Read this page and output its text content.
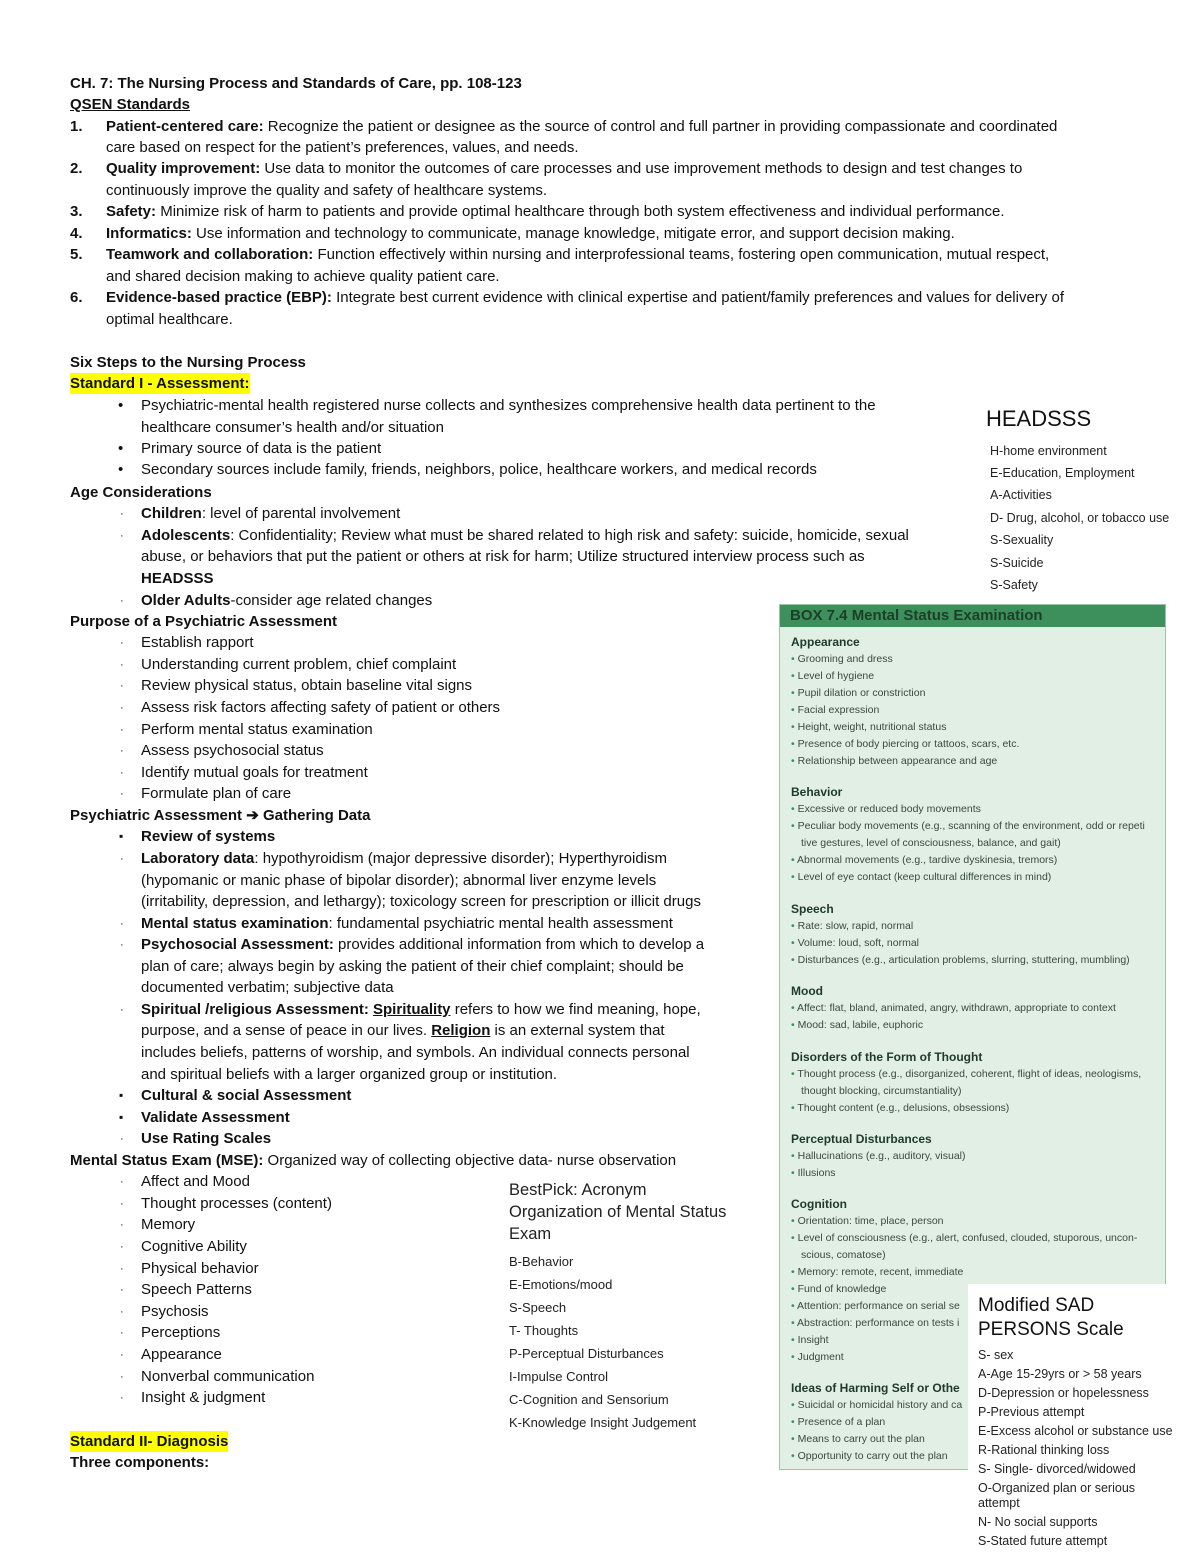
CH. 7: The Nursing Process and Standards of Care, pp. 108-123
QSEN Standards
1. Patient-centered care: Recognize the patient or designee as the source of control and full partner in providing compassionate and coordinated
care based on respect for the patient’s preferences, values, and needs.
2. Quality improvement: Use data to monitor the outcomes of care processes and use improvement methods to design and test changes to
continuously improve the quality and safety of healthcare systems.
3. Safety: Minimize risk of harm to patients and provide optimal healthcare through both system effectiveness and individual performance.
4. Informatics: Use information and technology to communicate, manage knowledge, mitigate error, and support decision making.
5. Teamwork and collaboration: Function effectively within nursing and interprofessional teams, fostering open communication, mutual respect,
and shared decision making to achieve quality patient care.
6. Evidence-based practice (EBP): Integrate best current evidence with clinical expertise and patient/family preferences and values for delivery of
optimal healthcare.
Six Steps to the Nursing Process
Standard I - Assessment:
• Psychiatric-mental health registered nurse collects and synthesizes comprehensive health data pertinent to the
healthcare consumer’s health and/or situation
• Primary source of data is the patient
• Secondary sources include family, friends, neighbors, police, healthcare workers, and medical records
Age Considerations
· Children: level of parental involvement
· Adolescents: Confidentiality; Review what must be shared related to high risk and safety: suicide, homicide, sexual
abuse, or behaviors that put the patient or others at risk for harm; Utilize structured interview process such as
HEADSSS
· Older Adults-consider age related changes
Purpose of a Psychiatric Assessment
· Establish rapport
· Understanding current problem, chief complaint
· Review physical status, obtain baseline vital signs
· Assess risk factors affecting safety of patient or others
· Perform mental status examination
· Assess psychosocial status
· Identify mutual goals for treatment
· Formulate plan of care
Psychiatric Assessment ➔ Gathering Data
▪ Review of systems
· Laboratory data: hypothyroidism (major depressive disorder); Hyperthyroidism
(hypomanic or manic phase of bipolar disorder); abnormal liver enzyme levels
(irritability, depression, and lethargy); toxicology screen for prescription or illicit drugs
· Mental status examination: fundamental psychiatric mental health assessment
· Psychosocial Assessment: provides additional information from which to develop a
plan of care; always begin by asking the patient of their chief complaint; should be
documented verbatim; subjective data
· Spiritual /religious Assessment: Spirituality refers to how we find meaning, hope,
purpose, and a sense of peace in our lives. Religion is an external system that
includes beliefs, patterns of worship, and symbols. An individual connects personal
and spiritual beliefs with a larger organized group or institution.
▪ Cultural & social Assessment
▪ Validate Assessment
· Use Rating Scales
Mental Status Exam (MSE): Organized way of collecting objective data- nurse observation
· Affect and Mood
· Thought processes (content)
· Memory
· Cognitive Ability
· Physical behavior
· Speech Patterns
· Psychosis
· Perceptions
· Appearance
· Nonverbal communication
· Insight & judgment
Standard II- Diagnosis
Three components:
HEADSSS
H-home environment
E-Education, Employment
A-Activities
D- Drug, alcohol, or tobacco use
S-Sexuality
S-Suicide
S-Safety
BOX 7.4 Mental Status Examination
Appearance
• Grooming and dress
• Level of hygiene
• Pupil dilation or constriction
• Facial expression
• Height, weight, nutritional status
• Presence of body piercing or tattoos, scars, etc.
• Relationship between appearance and age
Behavior
• Excessive or reduced body movements
• Peculiar body movements (e.g., scanning of the environment, odd or repeti
tive gestures, level of consciousness, balance, and gait)
• Abnormal movements (e.g., tardive dyskinesia, tremors)
• Level of eye contact (keep cultural differences in mind)
Speech
• Rate: slow, rapid, normal
• Volume: loud, soft, normal
• Disturbances (e.g., articulation problems, slurring, stuttering, mumbling)
Mood
• Affect: flat, bland, animated, angry, withdrawn, appropriate to context
• Mood: sad, labile, euphoric
Disorders of the Form of Thought
• Thought process (e.g., disorganized, coherent, flight of ideas, neologisms,
thought blocking, circumstantiality)
• Thought content (e.g., delusions, obsessions)
Perceptual Disturbances
• Hallucinations (e.g., auditory, visual)
• Illusions
Cognition
• Orientation: time, place, person
• Level of consciousness (e.g., alert, confused, clouded, stuporous, uncon-
scious, comatose)
• Memory: remote, recent, immediate
• Fund of knowledge
• Attention: performance on serial se
• Abstraction: performance on tests i
• Insight
• Judgment
Ideas of Harming Self or Othe
• Suicidal or homicidal history and ca
• Presence of a plan
• Means to carry out the plan
• Opportunity to carry out the plan
BestPick: Acronym
Organization of Mental Status
Exam
B-Behavior
E-Emotions/mood
S-Speech
T- Thoughts
P-Perceptual Disturbances
I-Impulse Control
C-Cognition and Sensorium
K-Knowledge Insight Judgement
Modified SAD
PERSONS Scale
S- sex
A-Age 15-29yrs or > 58 years
D-Depression or hopelessness
P-Previous attempt
E-Excess alcohol or substance use
R-Rational thinking loss
S- Single- divorced/widowed
O-Organized plan or serious
attempt
N- No social supports
S-Stated future attempt
